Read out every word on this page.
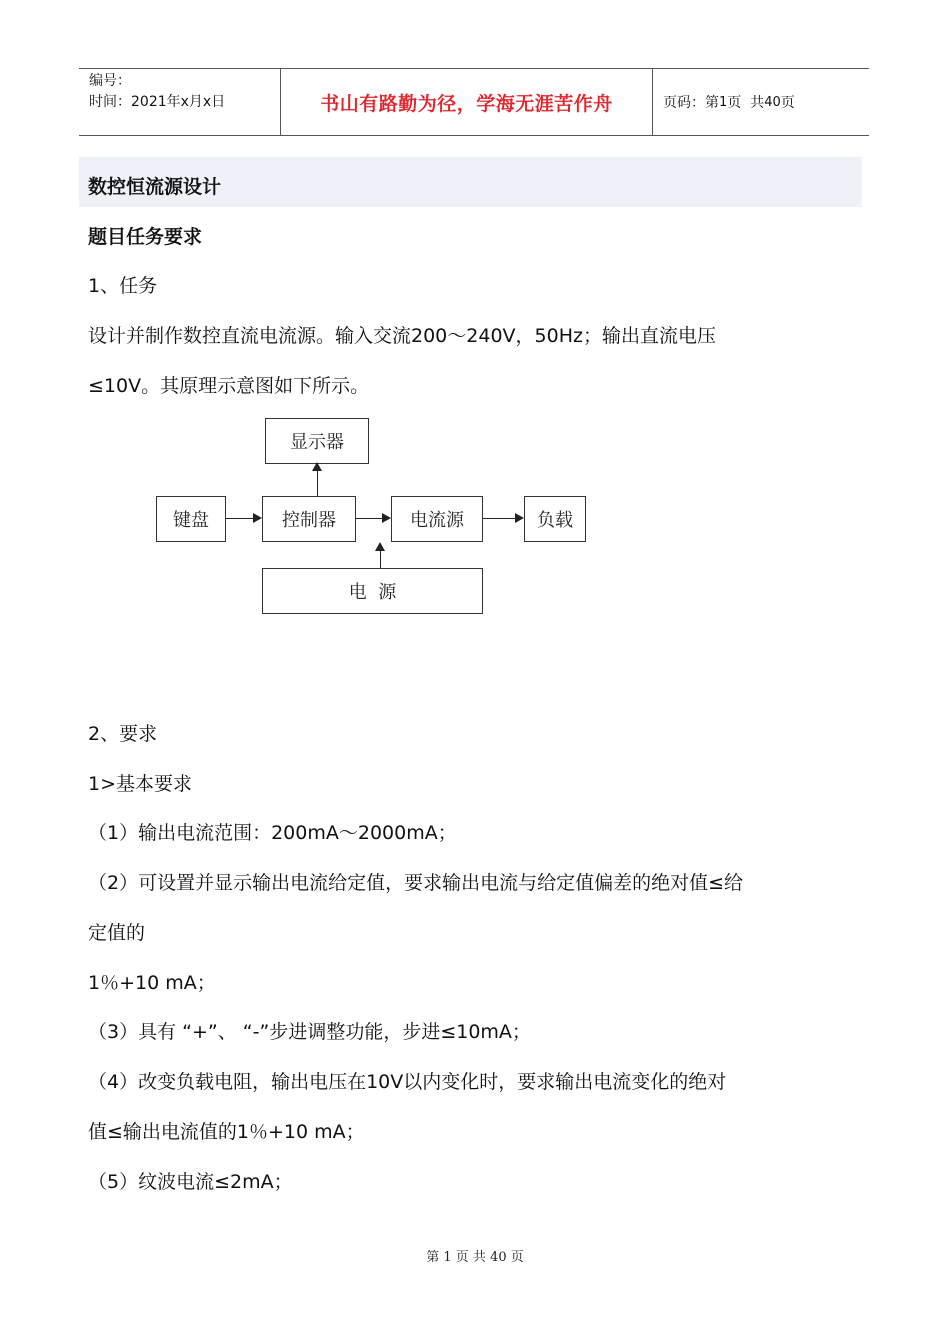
编号：
时间：2021年x月x日	书山有路勤为径，学海无涯苦作舟	页码：第 1 页  共 40 页
数控恒流源设计
题目任务要求
1、任务
设计并制作数控直流电流源。输入交流200～240V，50Hz；输出直流电压
≤10V。其原理示意图如下所示。
显示器
键盘	控制器	电流源	负载
电  源
2、要求
1>基本要求
（1）输出电流范围：200mA～2000mA；
（2）可设置并显示输出电流给定值，要求输出电流与给定值偏差的绝对值≤给
定值的
1％+10 mA；
（3）具有 “+”、 “-”步进调整功能，步进≤10mA；
（4）改变负载电阻，输出电压在10V以内变化时，要求输出电流变化的绝对
值≤输出电流值的1％+10 mA；
（5）纹波电流≤2mA；
第 1 页 共 40 页
